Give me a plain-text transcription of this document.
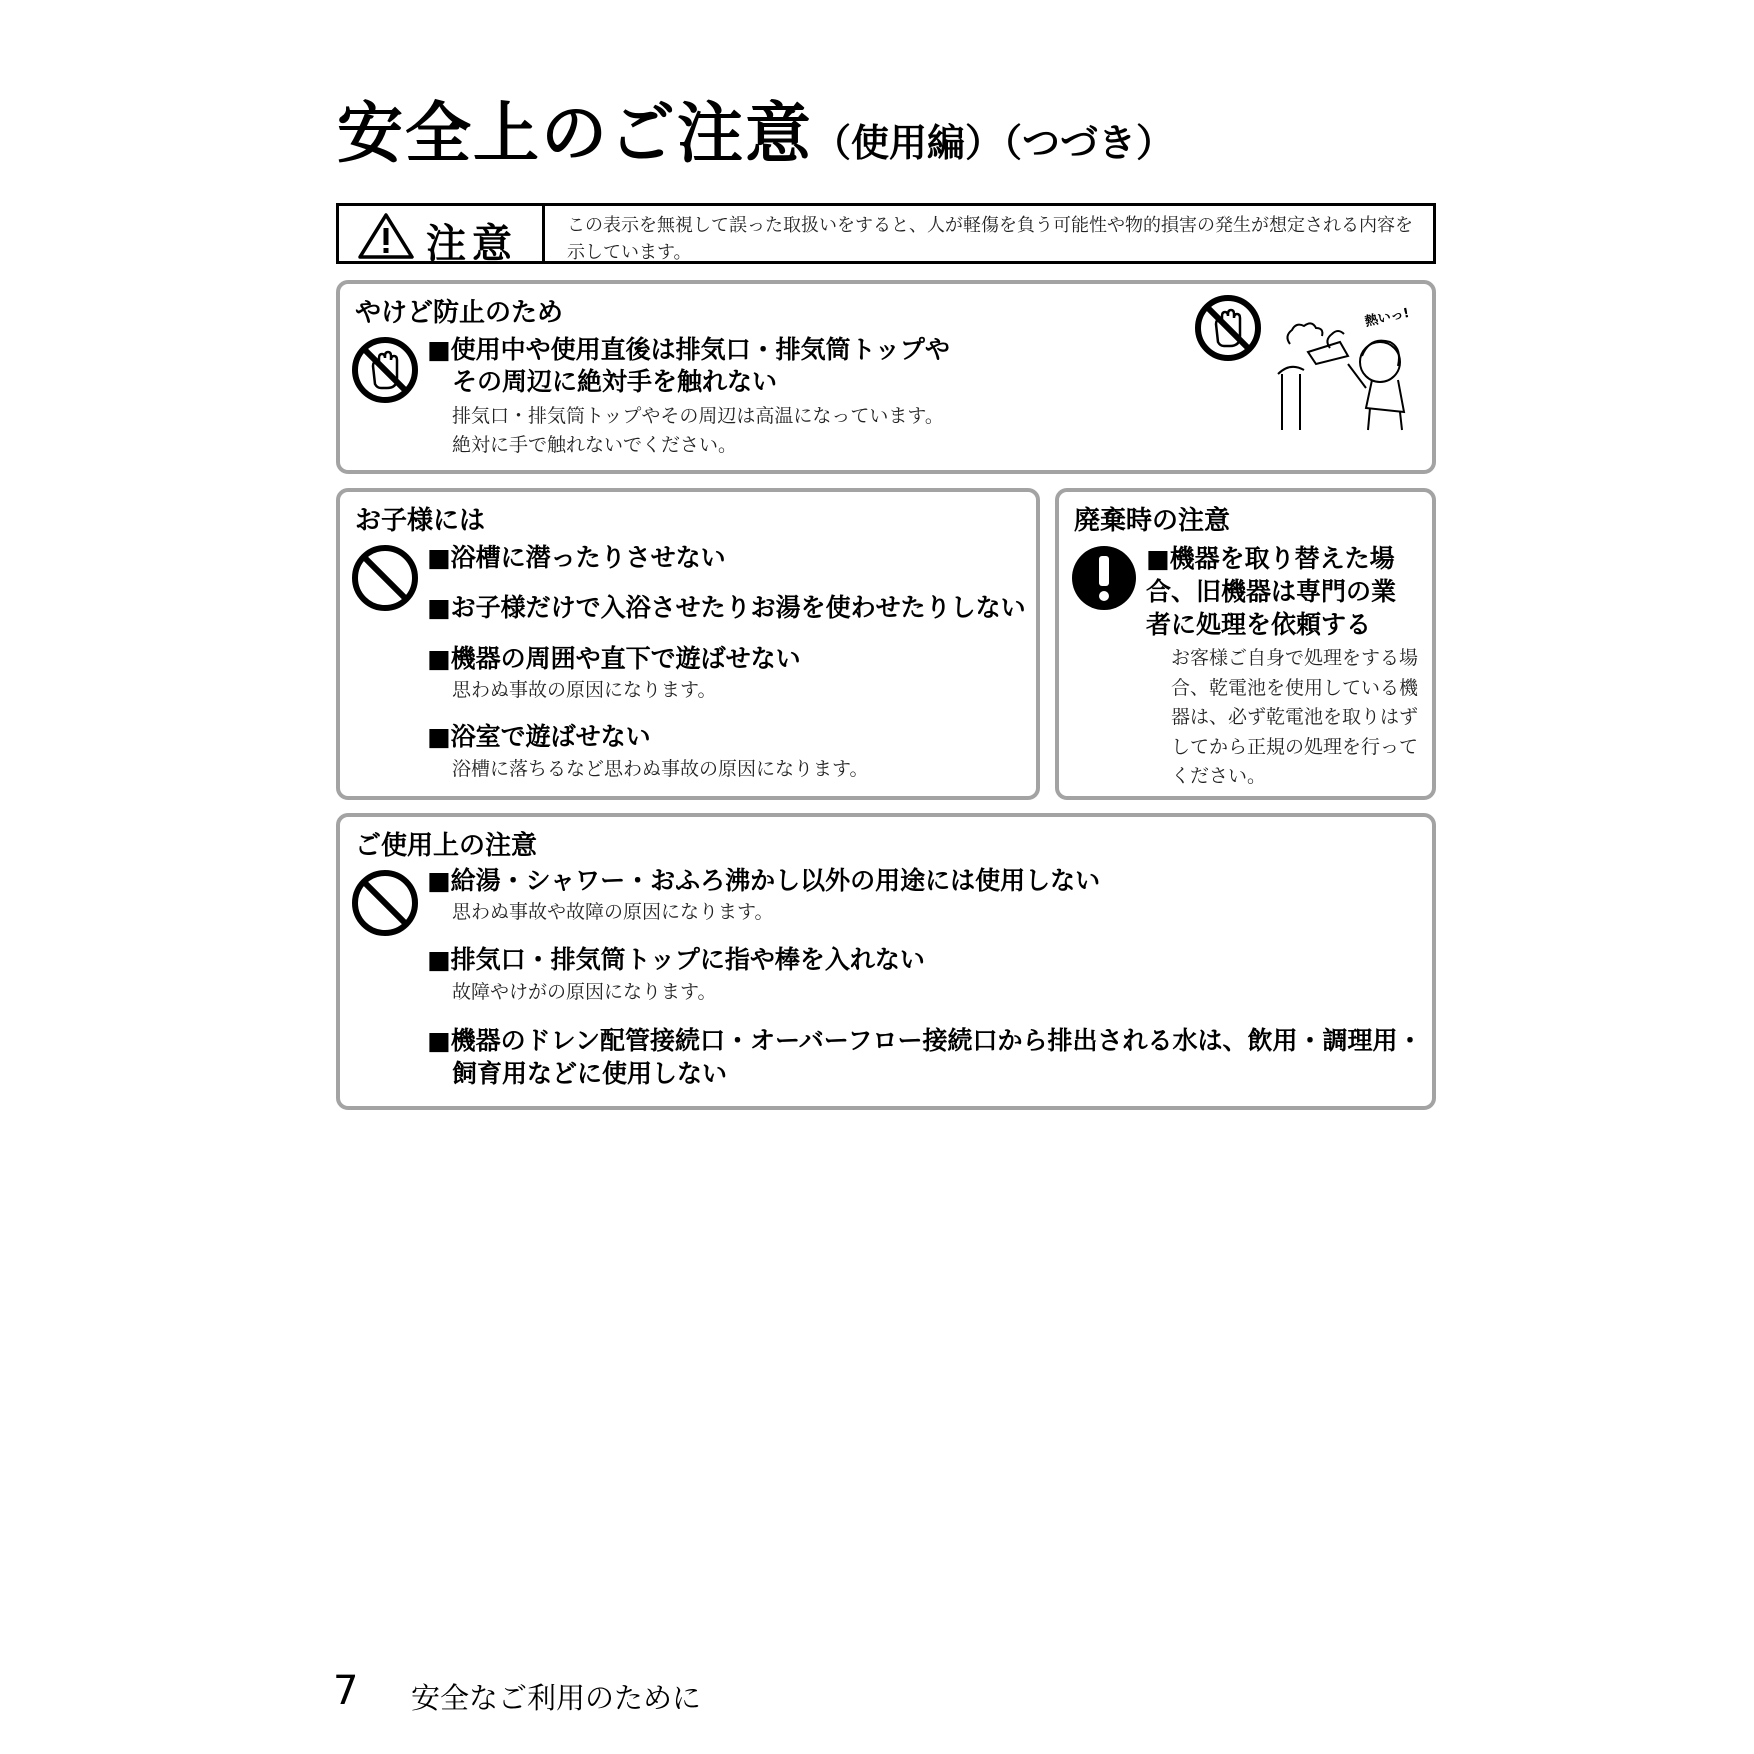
安全上のご注意（使用編）（つづき）
注意	この表示を無視して誤った取扱いをすると、人が軽傷を負う可能性や物的損害の発生が想定される内容を示しています。
やけど防止のため
■使用中や使用直後は排気口・排気筒トップや
その周辺に絶対手を触れない
排気口・排気筒トップやその周辺は高温になっています。
絶対に手で触れないでください。
熱いっ!
お子様には
■浴槽に潜ったりさせない
■お子様だけで入浴させたりお湯を使わせたりしない
■機器の周囲や直下で遊ばせない
思わぬ事故の原因になります。
■浴室で遊ばせない
浴槽に落ちるなど思わぬ事故の原因になります。
廃棄時の注意
■機器を取り替えた場合、旧機器は専門の業者に処理を依頼する
お客様ご自身で処理をする場合、乾電池を使用している機器は、必ず乾電池を取りはずしてから正規の処理を行ってください。
ご使用上の注意
■給湯・シャワー・おふろ沸かし以外の用途には使用しない
思わぬ事故や故障の原因になります。
■排気口・排気筒トップに指や棒を入れない
故障やけがの原因になります。
■機器のドレン配管接続口・オーバーフロー接続口から排出される水は、飲用・調理用・飼育用などに使用しない
7 安全なご利用のために
